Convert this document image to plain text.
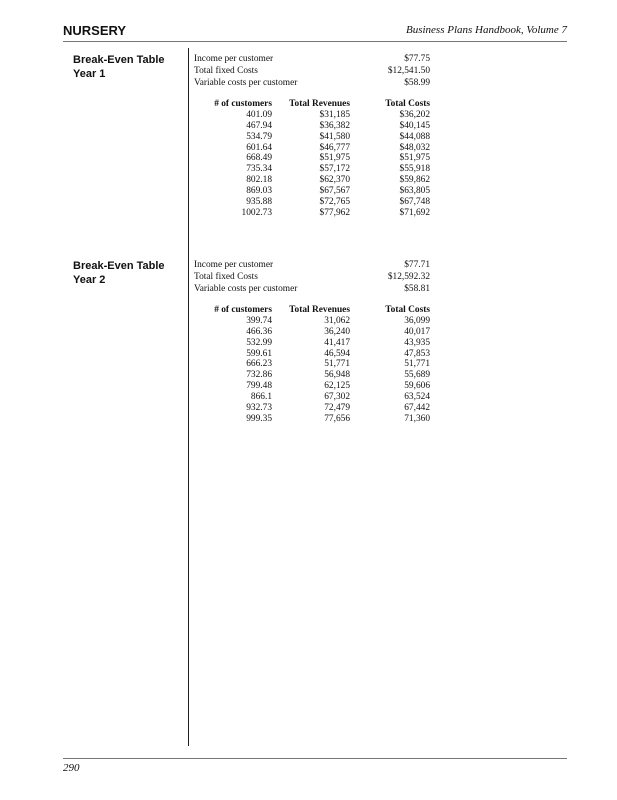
NURSERY	Business Plans Handbook, Volume 7
Break-Even Table
Year 1
Income per customer	$77.75
Total fixed Costs	$12,541.50
Variable costs per customer	$58.99
# of customers	Total Revenues	Total Costs
401.09	$31,185	$36,202
467.94	$36,382	$40,145
534.79	$41,580	$44,088
601.64	$46,777	$48,032
668.49	$51,975	$51,975
735.34	$57,172	$55,918
802.18	$62,370	$59,862
869.03	$67,567	$63,805
935.88	$72,765	$67,748
1002.73	$77,962	$71,692
Break-Even Table
Year 2
Income per customer	$77.71
Total fixed Costs	$12,592.32
Variable costs per customer	$58.81
# of customers	Total Revenues	Total Costs
399.74	31,062	36,099
466.36	36,240	40,017
532.99	41,417	43,935
599.61	46,594	47,853
666.23	51,771	51,771
732.86	56,948	55,689
799.48	62,125	59,606
866.1	67,302	63,524
932.73	72,479	67,442
999.35	77,656	71,360
290
